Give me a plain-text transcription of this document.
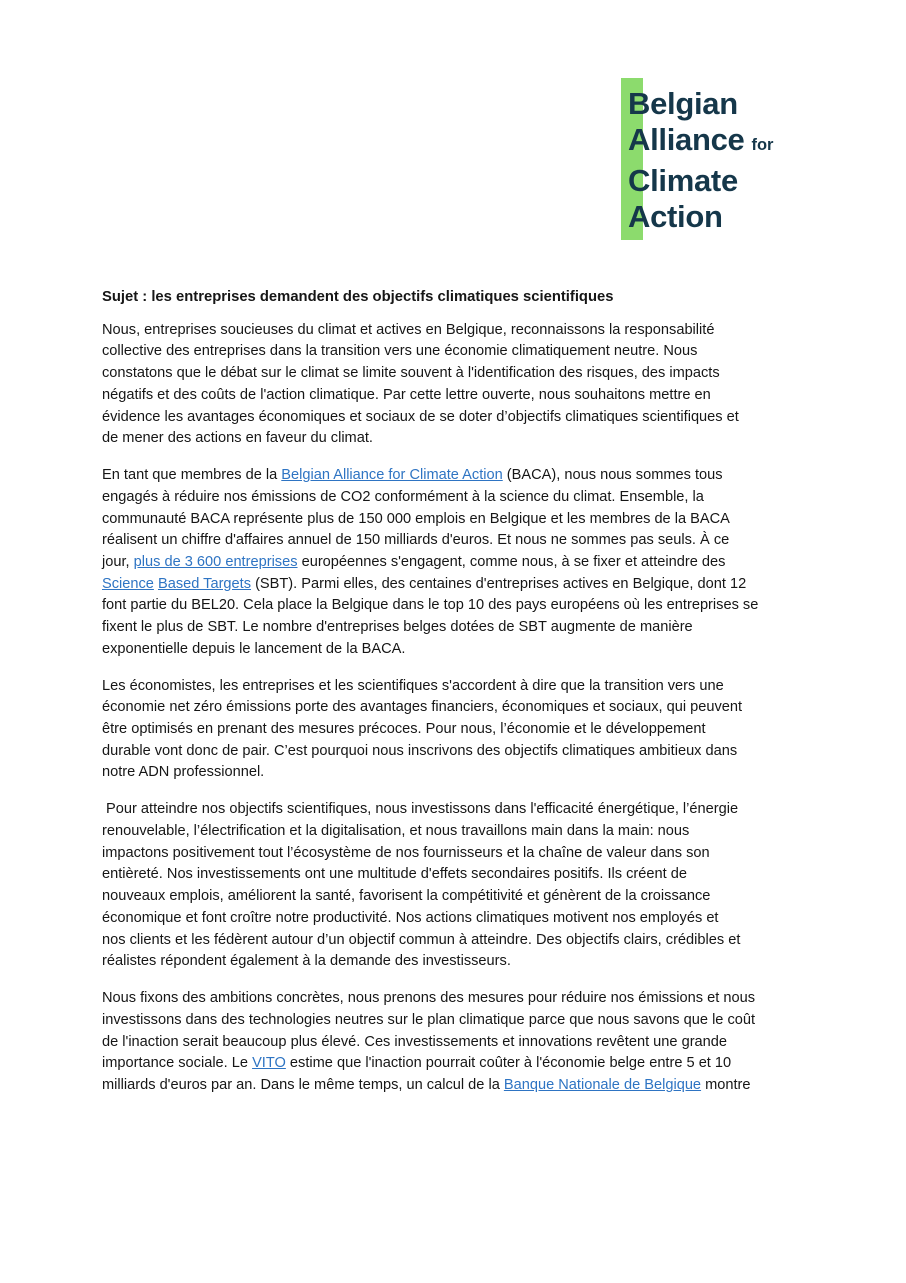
Belgian
Alliance for
Climate
Action
Sujet : les entreprises demandent des objectifs climatiques scientifiques

Nous, entreprises soucieuses du climat et actives en Belgique, reconnaissons la responsabilité
collective des entreprises dans la transition vers une économie climatiquement neutre. Nous
constatons que le débat sur le climat se limite souvent à l'identification des risques, des impacts
négatifs et des coûts de l'action climatique. Par cette lettre ouverte, nous souhaitons mettre en
évidence les avantages économiques et sociaux de se doter d’objectifs climatiques scientifiques et
de mener des actions en faveur du climat.

En tant que membres de la Belgian Alliance for Climate Action (BACA), nous nous sommes tous
engagés à réduire nos émissions de CO2 conformément à la science du climat. Ensemble, la
communauté BACA représente plus de 150 000 emplois en Belgique et les membres de la BACA
réalisent un chiffre d'affaires annuel de 150 milliards d'euros. Et nous ne sommes pas seuls. À ce
jour, plus de 3 600 entreprises européennes s'engagent, comme nous, à se fixer et atteindre des
Science Based Targets (SBT). Parmi elles, des centaines d'entreprises actives en Belgique, dont 12
font partie du BEL20. Cela place la Belgique dans le top 10 des pays européens où les entreprises se
fixent le plus de SBT. Le nombre d'entreprises belges dotées de SBT augmente de manière
exponentielle depuis le lancement de la BACA.

Les économistes, les entreprises et les scientifiques s'accordent à dire que la transition vers une
économie net zéro émissions porte des avantages financiers, économiques et sociaux, qui peuvent
être optimisés en prenant des mesures précoces. Pour nous, l’économie et le développement
durable vont donc de pair. C’est pourquoi nous inscrivons des objectifs climatiques ambitieux dans
notre ADN professionnel.

Pour atteindre nos objectifs scientifiques, nous investissons dans l'efficacité énergétique, l’énergie
renouvelable, l’électrification et la digitalisation, et nous travaillons main dans la main: nous
impactons positivement tout l’écosystème de nos fournisseurs et la chaîne de valeur dans son
entièreté. Nos investissements ont une multitude d'effets secondaires positifs. Ils créent de
nouveaux emplois, améliorent la santé, favorisent la compétitivité et génèrent de la croissance
économique et font croître notre productivité. Nos actions climatiques motivent nos employés et
nos clients et les fédèrent autour d’un objectif commun à atteindre. Des objectifs clairs, crédibles et
réalistes répondent également à la demande des investisseurs.

Nous fixons des ambitions concrètes, nous prenons des mesures pour réduire nos émissions et nous
investissons dans des technologies neutres sur le plan climatique parce que nous savons que le coût
de l'inaction serait beaucoup plus élevé. Ces investissements et innovations revêtent une grande
importance sociale. Le VITO estime que l'inaction pourrait coûter à l'économie belge entre 5 et 10
milliards d'euros par an. Dans le même temps, un calcul de la Banque Nationale de Belgique montre
